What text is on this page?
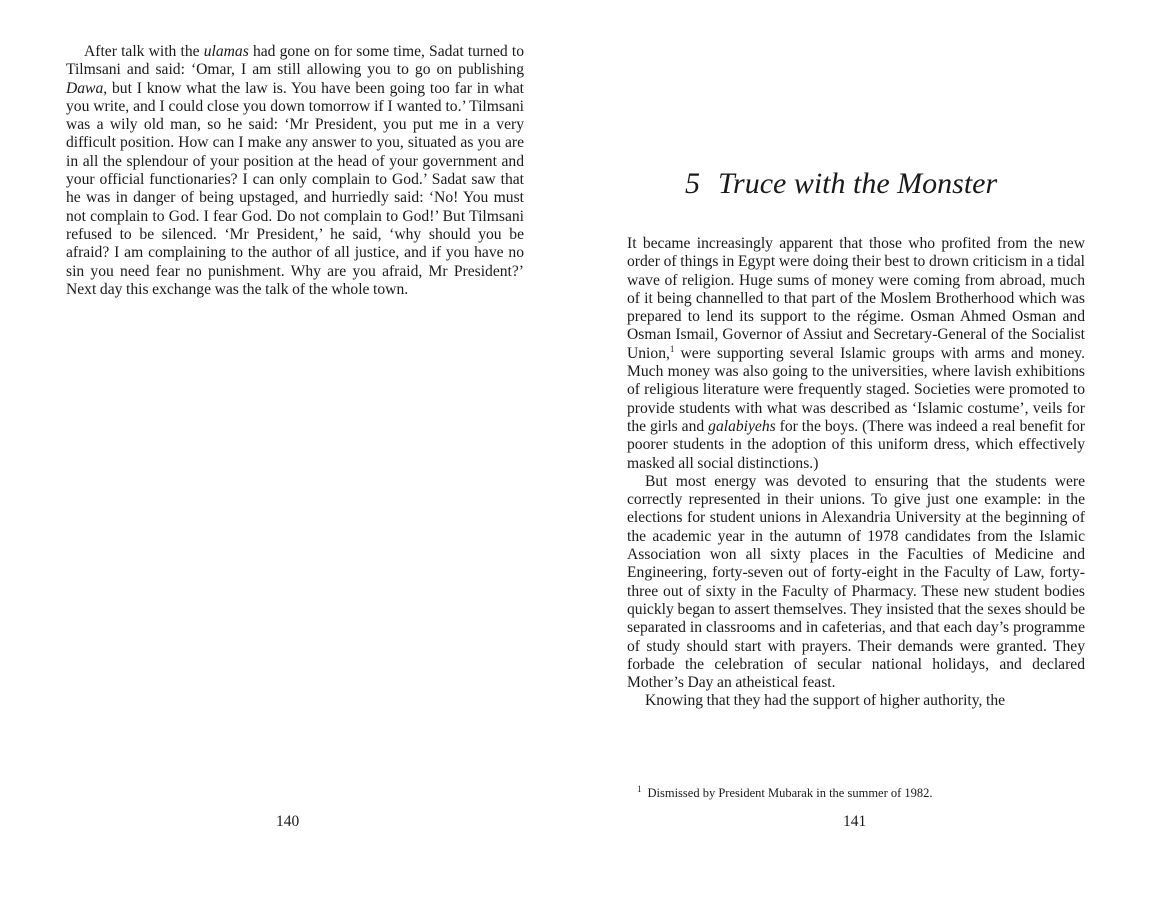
After talk with the ulamas had gone on for some time, Sadat turned to Tilmsani and said: ‘Omar, I am still allowing you to go on publishing Dawa, but I know what the law is. You have been going too far in what you write, and I could close you down tomorrow if I wanted to.’ Tilmsani was a wily old man, so he said: ‘Mr President, you put me in a very difficult position. How can I make any answer to you, situated as you are in all the splendour of your position at the head of your government and your official functionaries? I can only complain to God.’ Sadat saw that he was in danger of being upstaged, and hurriedly said: ‘No! You must not complain to God. I fear God. Do not complain to God!’ But Tilmsani refused to be silenced. ‘Mr President,’ he said, ‘why should you be afraid? I am complaining to the author of all justice, and if you have no sin you need fear no punishment. Why are you afraid, Mr President?’ Next day this exchange was the talk of the whole town.

140
5 Truce with the Monster

It became increasingly apparent that those who profited from the new order of things in Egypt were doing their best to drown criticism in a tidal wave of religion. Huge sums of money were coming from abroad, much of it being channelled to that part of the Moslem Brotherhood which was prepared to lend its support to the régime. Osman Ahmed Osman and Osman Ismail, Governor of Assiut and Secretary-General of the Socialist Union,$^1$ were supporting several Islamic groups with arms and money. Much money was also going to the universities, where lavish exhibitions of religious literature were frequently staged. Societies were promoted to provide students with what was described as ‘Islamic costume’, veils for the girls and galabiyehs for the boys. (There was indeed a real benefit for poorer students in the adoption of this uniform dress, which effectively masked all social distinctions.)

But most energy was devoted to ensuring that the students were correctly represented in their unions. To give just one example: in the elections for student unions in Alexandria University at the beginning of the academic year in the autumn of 1978 candidates from the Islamic Association won all sixty places in the Faculties of Medicine and Engineering, forty-seven out of forty-eight in the Faculty of Law, forty-three out of sixty in the Faculty of Pharmacy. These new student bodies quickly began to assert themselves. They insisted that the sexes should be separated in classrooms and in cafeterias, and that each day’s programme of study should start with prayers. Their demands were granted. They forbade the celebration of secular national holidays, and declared Mother’s Day an atheistical feast.

Knowing that they had the support of higher authority, the

$^1$ Dismissed by President Mubarak in the summer of 1982.
141
